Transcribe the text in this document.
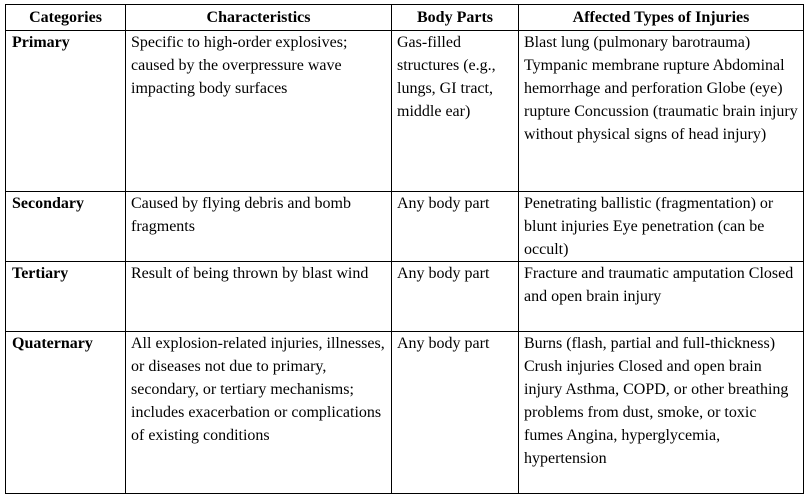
Categories	Characteristics	Body Parts	Affected Types of Injuries
Primary	Specific to high-order explosives; caused by the overpressure wave impacting body surfaces	Gas-filled structures (e.g., lungs, GI tract, middle ear)	Blast lung (pulmonary barotrauma) Tympanic membrane rupture Abdominal hemorrhage and perforation Globe (eye) rupture Concussion (traumatic brain injury without physical signs of head injury)
Secondary	Caused by flying debris and bomb fragments	Any body part	Penetrating ballistic (fragmentation) or blunt injuries Eye penetration (can be occult)
Tertiary	Result of being thrown by blast wind	Any body part	Fracture and traumatic amputation Closed and open brain injury
Quaternary	All explosion-related injuries, illnesses, or diseases not due to primary, secondary, or tertiary mechanisms; includes exacerbation or complications of existing conditions	Any body part	Burns (flash, partial and full-thickness) Crush injuries Closed and open brain injury Asthma, COPD, or other breathing problems from dust, smoke, or toxic fumes Angina, hyperglycemia, hypertension
